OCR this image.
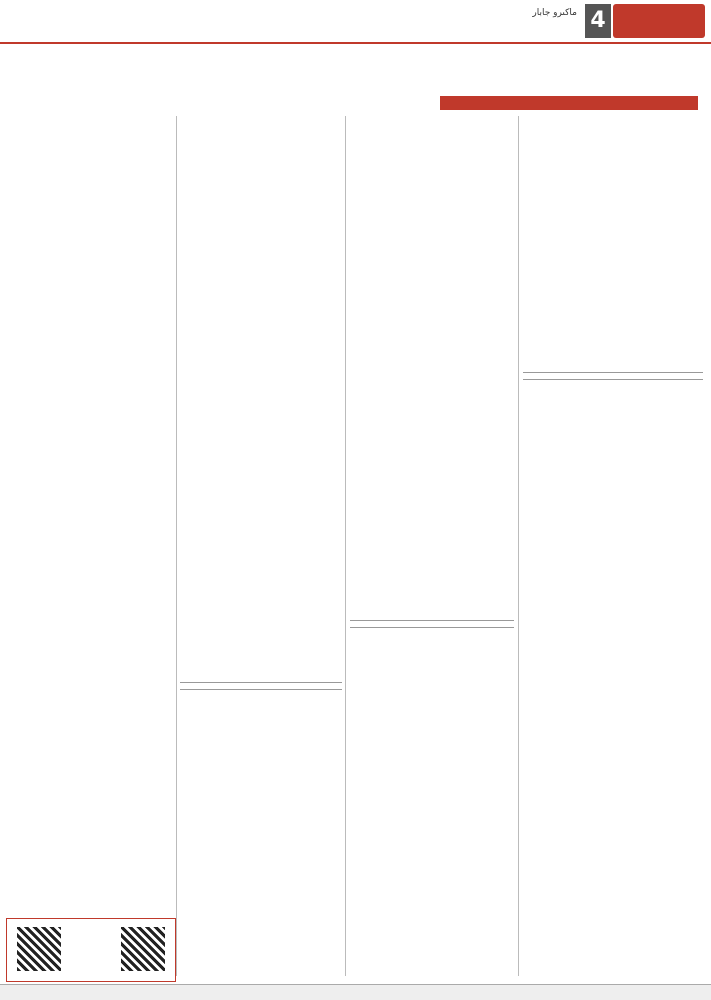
4
ماكىرو جابار
